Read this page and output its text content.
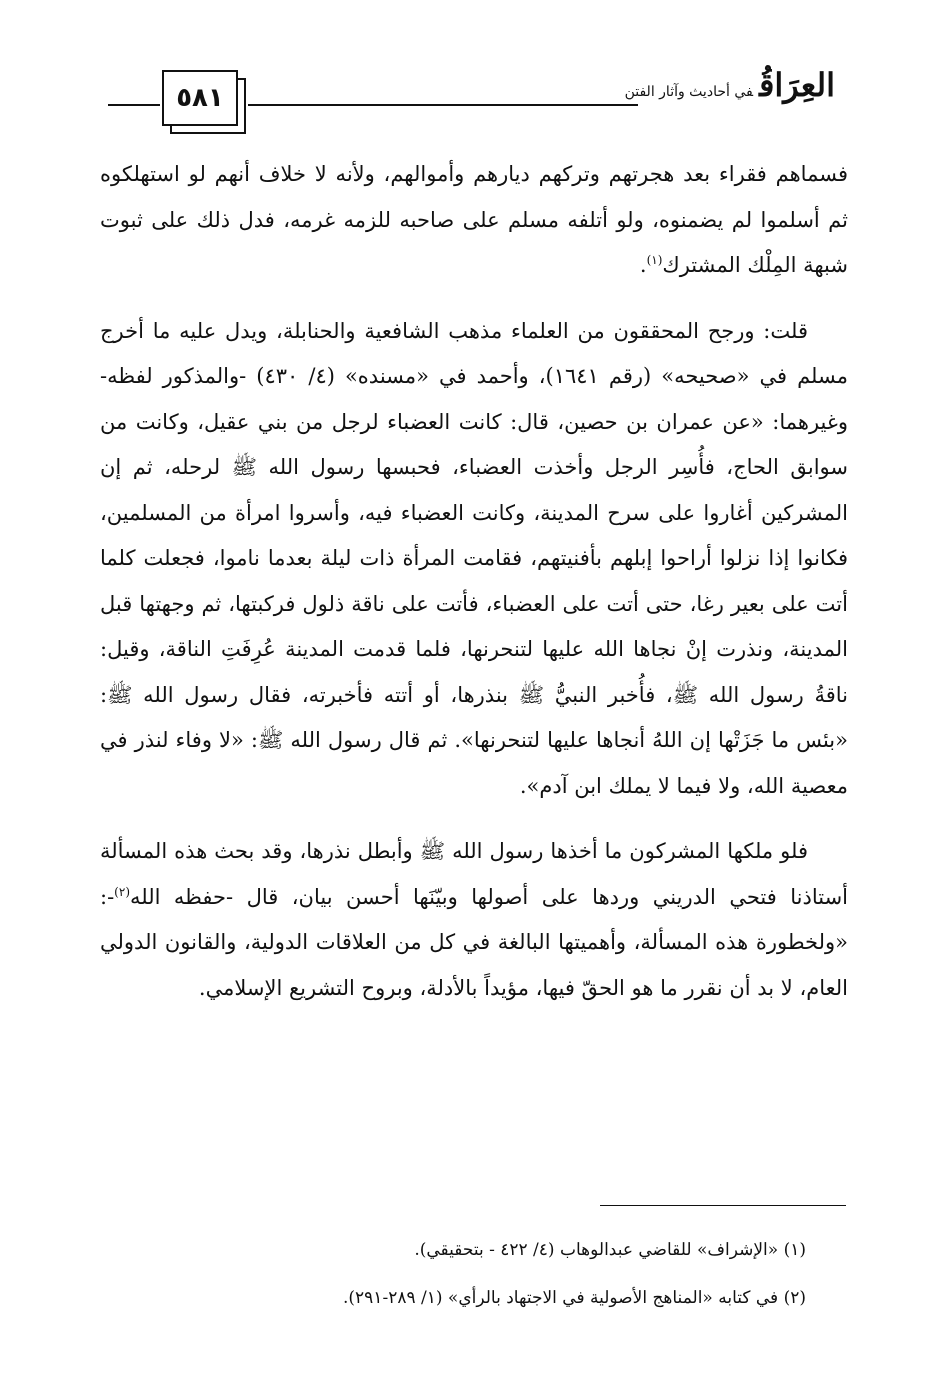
٥٨١	العِرَاقُفي أحاديث وآثار الفتن

فسماهم فقراء بعد هجرتهم وتركهم ديارهم وأموالهم، ولأنه لا خلاف أنهم لو استهلكوه ثم أسلموا لم يضمنوه، ولو أتلفه مسلم على صاحبه للزمه غرمه، فدل ذلك على ثبوت شبهة المِلْك المشترك$^{(١)}$.

قلت: ورجح المحققون من العلماء مذهب الشافعية والحنابلة، ويدل عليه ما أخرج مسلم في «صحيحه» (رقم ١٦٤١)، وأحمد في «مسنده» (٤/ ٤٣٠) -والمذكور لفظه- وغيرهما: «عن عمران بن حصين، قال: كانت العضباء لرجل من بني عقيل، وكانت من سوابق الحاج، فأُسِر الرجل وأخذت العضباء، فحبسها رسول الله ﷺ لرحله، ثم إن المشركين أغاروا على سرح المدينة، وكانت العضباء فيه، وأسروا امرأة من المسلمين، فكانوا إذا نزلوا أراحوا إبلهم بأفنيتهم، فقامت المرأة ذات ليلة بعدما ناموا، فجعلت كلما أتت على بعير رغا، حتى أتت على العضباء، فأتت على ناقة ذلول فركبتها، ثم وجهتها قبل المدينة، ونذرت إنْ نجاها الله عليها لتنحرنها، فلما قدمت المدينة عُرِفَتِ الناقة، وقيل: ناقةُ رسول الله ﷺ، فأُخبر النبيُّ ﷺ بنذرها، أو أتته فأخبرته، فقال رسول الله ﷺ: «بئس ما جَزَتْها إن اللهُ أنجاها عليها لتنحرنها». ثم قال رسول الله ﷺ: «لا وفاء لنذر في معصية الله، ولا فيما لا يملك ابن آدم».

فلو ملكها المشركون ما أخذها رسول الله ﷺ وأبطل نذرها، وقد بحث هذه المسألة أستاذنا فتحي الدريني وردها على أصولها وبيّنَها أحسن بيان، قال -حفظه الله$^{(٢)}$-: «ولخطورة هذه المسألة، وأهميتها البالغة في كل من العلاقات الدولية، والقانون الدولي العام، لا بد أن نقرر ما هو الحقّ فيها، مؤيداً بالأدلة، وبروح التشريع الإسلامي.

(١) «الإشراف» للقاضي عبدالوهاب (٤/ ٤٢٢ - بتحقيقي).

(٢) في كتابه «المناهج الأصولية في الاجتهاد بالرأي» (١/ ٢٨٩-٢٩١).
